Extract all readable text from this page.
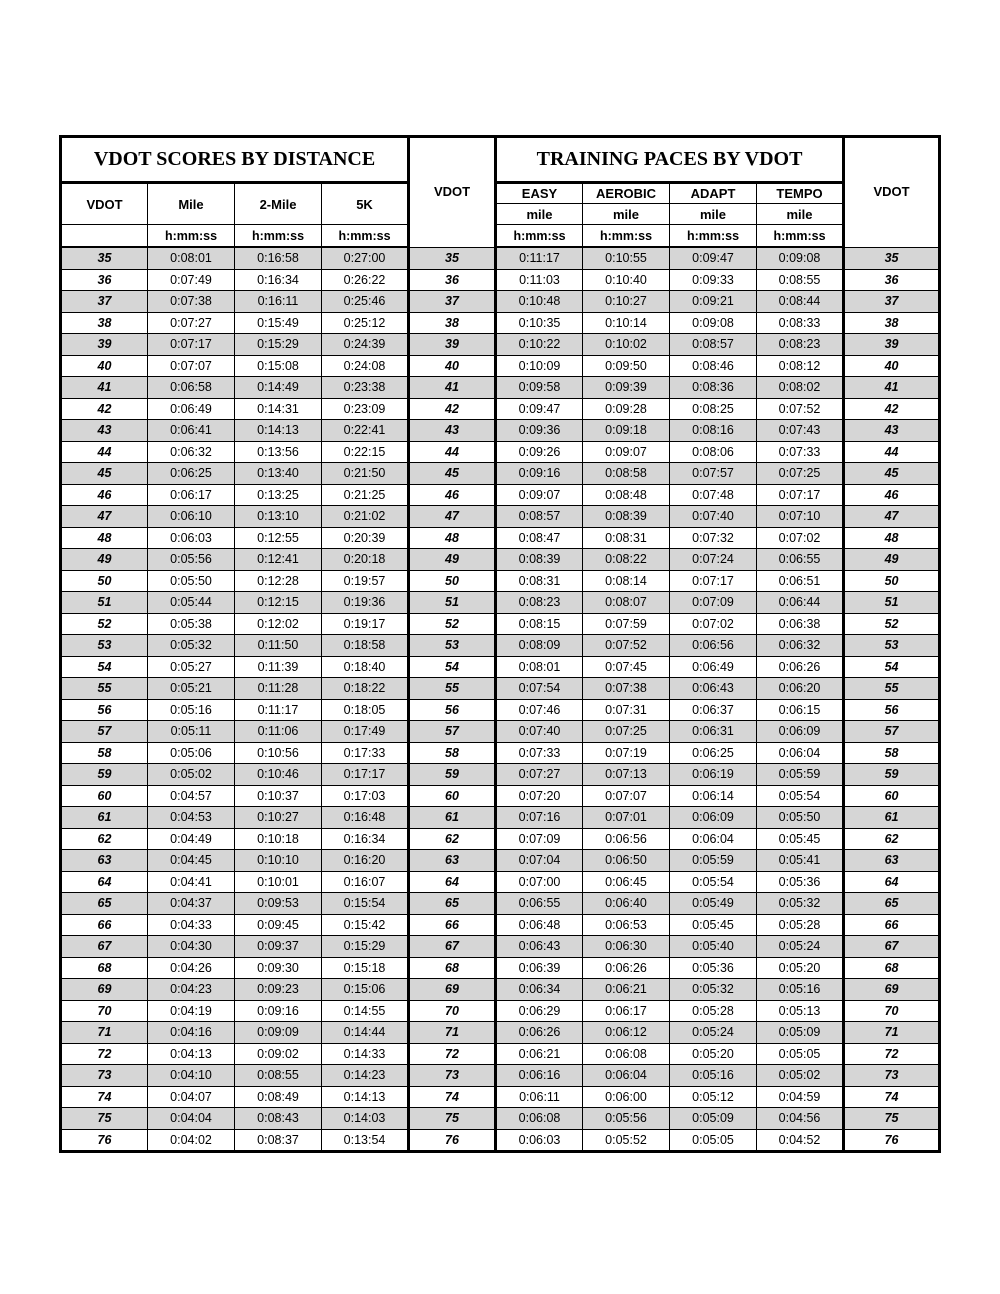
VDOT SCORES BY DISTANCE				VDOT	TRAINING PACES BY VDOT				VDOT
VDOT	Mile	2-Mile	5K		EASY	AEROBIC	ADAPT	TEMPO	
					mile	mile	mile	mile	
	h:mm:ss	h:mm:ss	h:mm:ss		h:mm:ss	h:mm:ss	h:mm:ss	h:mm:ss	
35	0:08:01	0:16:58	0:27:00	35	0:11:17	0:10:55	0:09:47	0:09:08	35
36	0:07:49	0:16:34	0:26:22	36	0:11:03	0:10:40	0:09:33	0:08:55	36
37	0:07:38	0:16:11	0:25:46	37	0:10:48	0:10:27	0:09:21	0:08:44	37
38	0:07:27	0:15:49	0:25:12	38	0:10:35	0:10:14	0:09:08	0:08:33	38
39	0:07:17	0:15:29	0:24:39	39	0:10:22	0:10:02	0:08:57	0:08:23	39
40	0:07:07	0:15:08	0:24:08	40	0:10:09	0:09:50	0:08:46	0:08:12	40
41	0:06:58	0:14:49	0:23:38	41	0:09:58	0:09:39	0:08:36	0:08:02	41
42	0:06:49	0:14:31	0:23:09	42	0:09:47	0:09:28	0:08:25	0:07:52	42
43	0:06:41	0:14:13	0:22:41	43	0:09:36	0:09:18	0:08:16	0:07:43	43
44	0:06:32	0:13:56	0:22:15	44	0:09:26	0:09:07	0:08:06	0:07:33	44
45	0:06:25	0:13:40	0:21:50	45	0:09:16	0:08:58	0:07:57	0:07:25	45
46	0:06:17	0:13:25	0:21:25	46	0:09:07	0:08:48	0:07:48	0:07:17	46
47	0:06:10	0:13:10	0:21:02	47	0:08:57	0:08:39	0:07:40	0:07:10	47
48	0:06:03	0:12:55	0:20:39	48	0:08:47	0:08:31	0:07:32	0:07:02	48
49	0:05:56	0:12:41	0:20:18	49	0:08:39	0:08:22	0:07:24	0:06:55	49
50	0:05:50	0:12:28	0:19:57	50	0:08:31	0:08:14	0:07:17	0:06:51	50
51	0:05:44	0:12:15	0:19:36	51	0:08:23	0:08:07	0:07:09	0:06:44	51
52	0:05:38	0:12:02	0:19:17	52	0:08:15	0:07:59	0:07:02	0:06:38	52
53	0:05:32	0:11:50	0:18:58	53	0:08:09	0:07:52	0:06:56	0:06:32	53
54	0:05:27	0:11:39	0:18:40	54	0:08:01	0:07:45	0:06:49	0:06:26	54
55	0:05:21	0:11:28	0:18:22	55	0:07:54	0:07:38	0:06:43	0:06:20	55
56	0:05:16	0:11:17	0:18:05	56	0:07:46	0:07:31	0:06:37	0:06:15	56
57	0:05:11	0:11:06	0:17:49	57	0:07:40	0:07:25	0:06:31	0:06:09	57
58	0:05:06	0:10:56	0:17:33	58	0:07:33	0:07:19	0:06:25	0:06:04	58
59	0:05:02	0:10:46	0:17:17	59	0:07:27	0:07:13	0:06:19	0:05:59	59
60	0:04:57	0:10:37	0:17:03	60	0:07:20	0:07:07	0:06:14	0:05:54	60
61	0:04:53	0:10:27	0:16:48	61	0:07:16	0:07:01	0:06:09	0:05:50	61
62	0:04:49	0:10:18	0:16:34	62	0:07:09	0:06:56	0:06:04	0:05:45	62
63	0:04:45	0:10:10	0:16:20	63	0:07:04	0:06:50	0:05:59	0:05:41	63
64	0:04:41	0:10:01	0:16:07	64	0:07:00	0:06:45	0:05:54	0:05:36	64
65	0:04:37	0:09:53	0:15:54	65	0:06:55	0:06:40	0:05:49	0:05:32	65
66	0:04:33	0:09:45	0:15:42	66	0:06:48	0:06:53	0:05:45	0:05:28	66
67	0:04:30	0:09:37	0:15:29	67	0:06:43	0:06:30	0:05:40	0:05:24	67
68	0:04:26	0:09:30	0:15:18	68	0:06:39	0:06:26	0:05:36	0:05:20	68
69	0:04:23	0:09:23	0:15:06	69	0:06:34	0:06:21	0:05:32	0:05:16	69
70	0:04:19	0:09:16	0:14:55	70	0:06:29	0:06:17	0:05:28	0:05:13	70
71	0:04:16	0:09:09	0:14:44	71	0:06:26	0:06:12	0:05:24	0:05:09	71
72	0:04:13	0:09:02	0:14:33	72	0:06:21	0:06:08	0:05:20	0:05:05	72
73	0:04:10	0:08:55	0:14:23	73	0:06:16	0:06:04	0:05:16	0:05:02	73
74	0:04:07	0:08:49	0:14:13	74	0:06:11	0:06:00	0:05:12	0:04:59	74
75	0:04:04	0:08:43	0:14:03	75	0:06:08	0:05:56	0:05:09	0:04:56	75
76	0:04:02	0:08:37	0:13:54	76	0:06:03	0:05:52	0:05:05	0:04:52	76
